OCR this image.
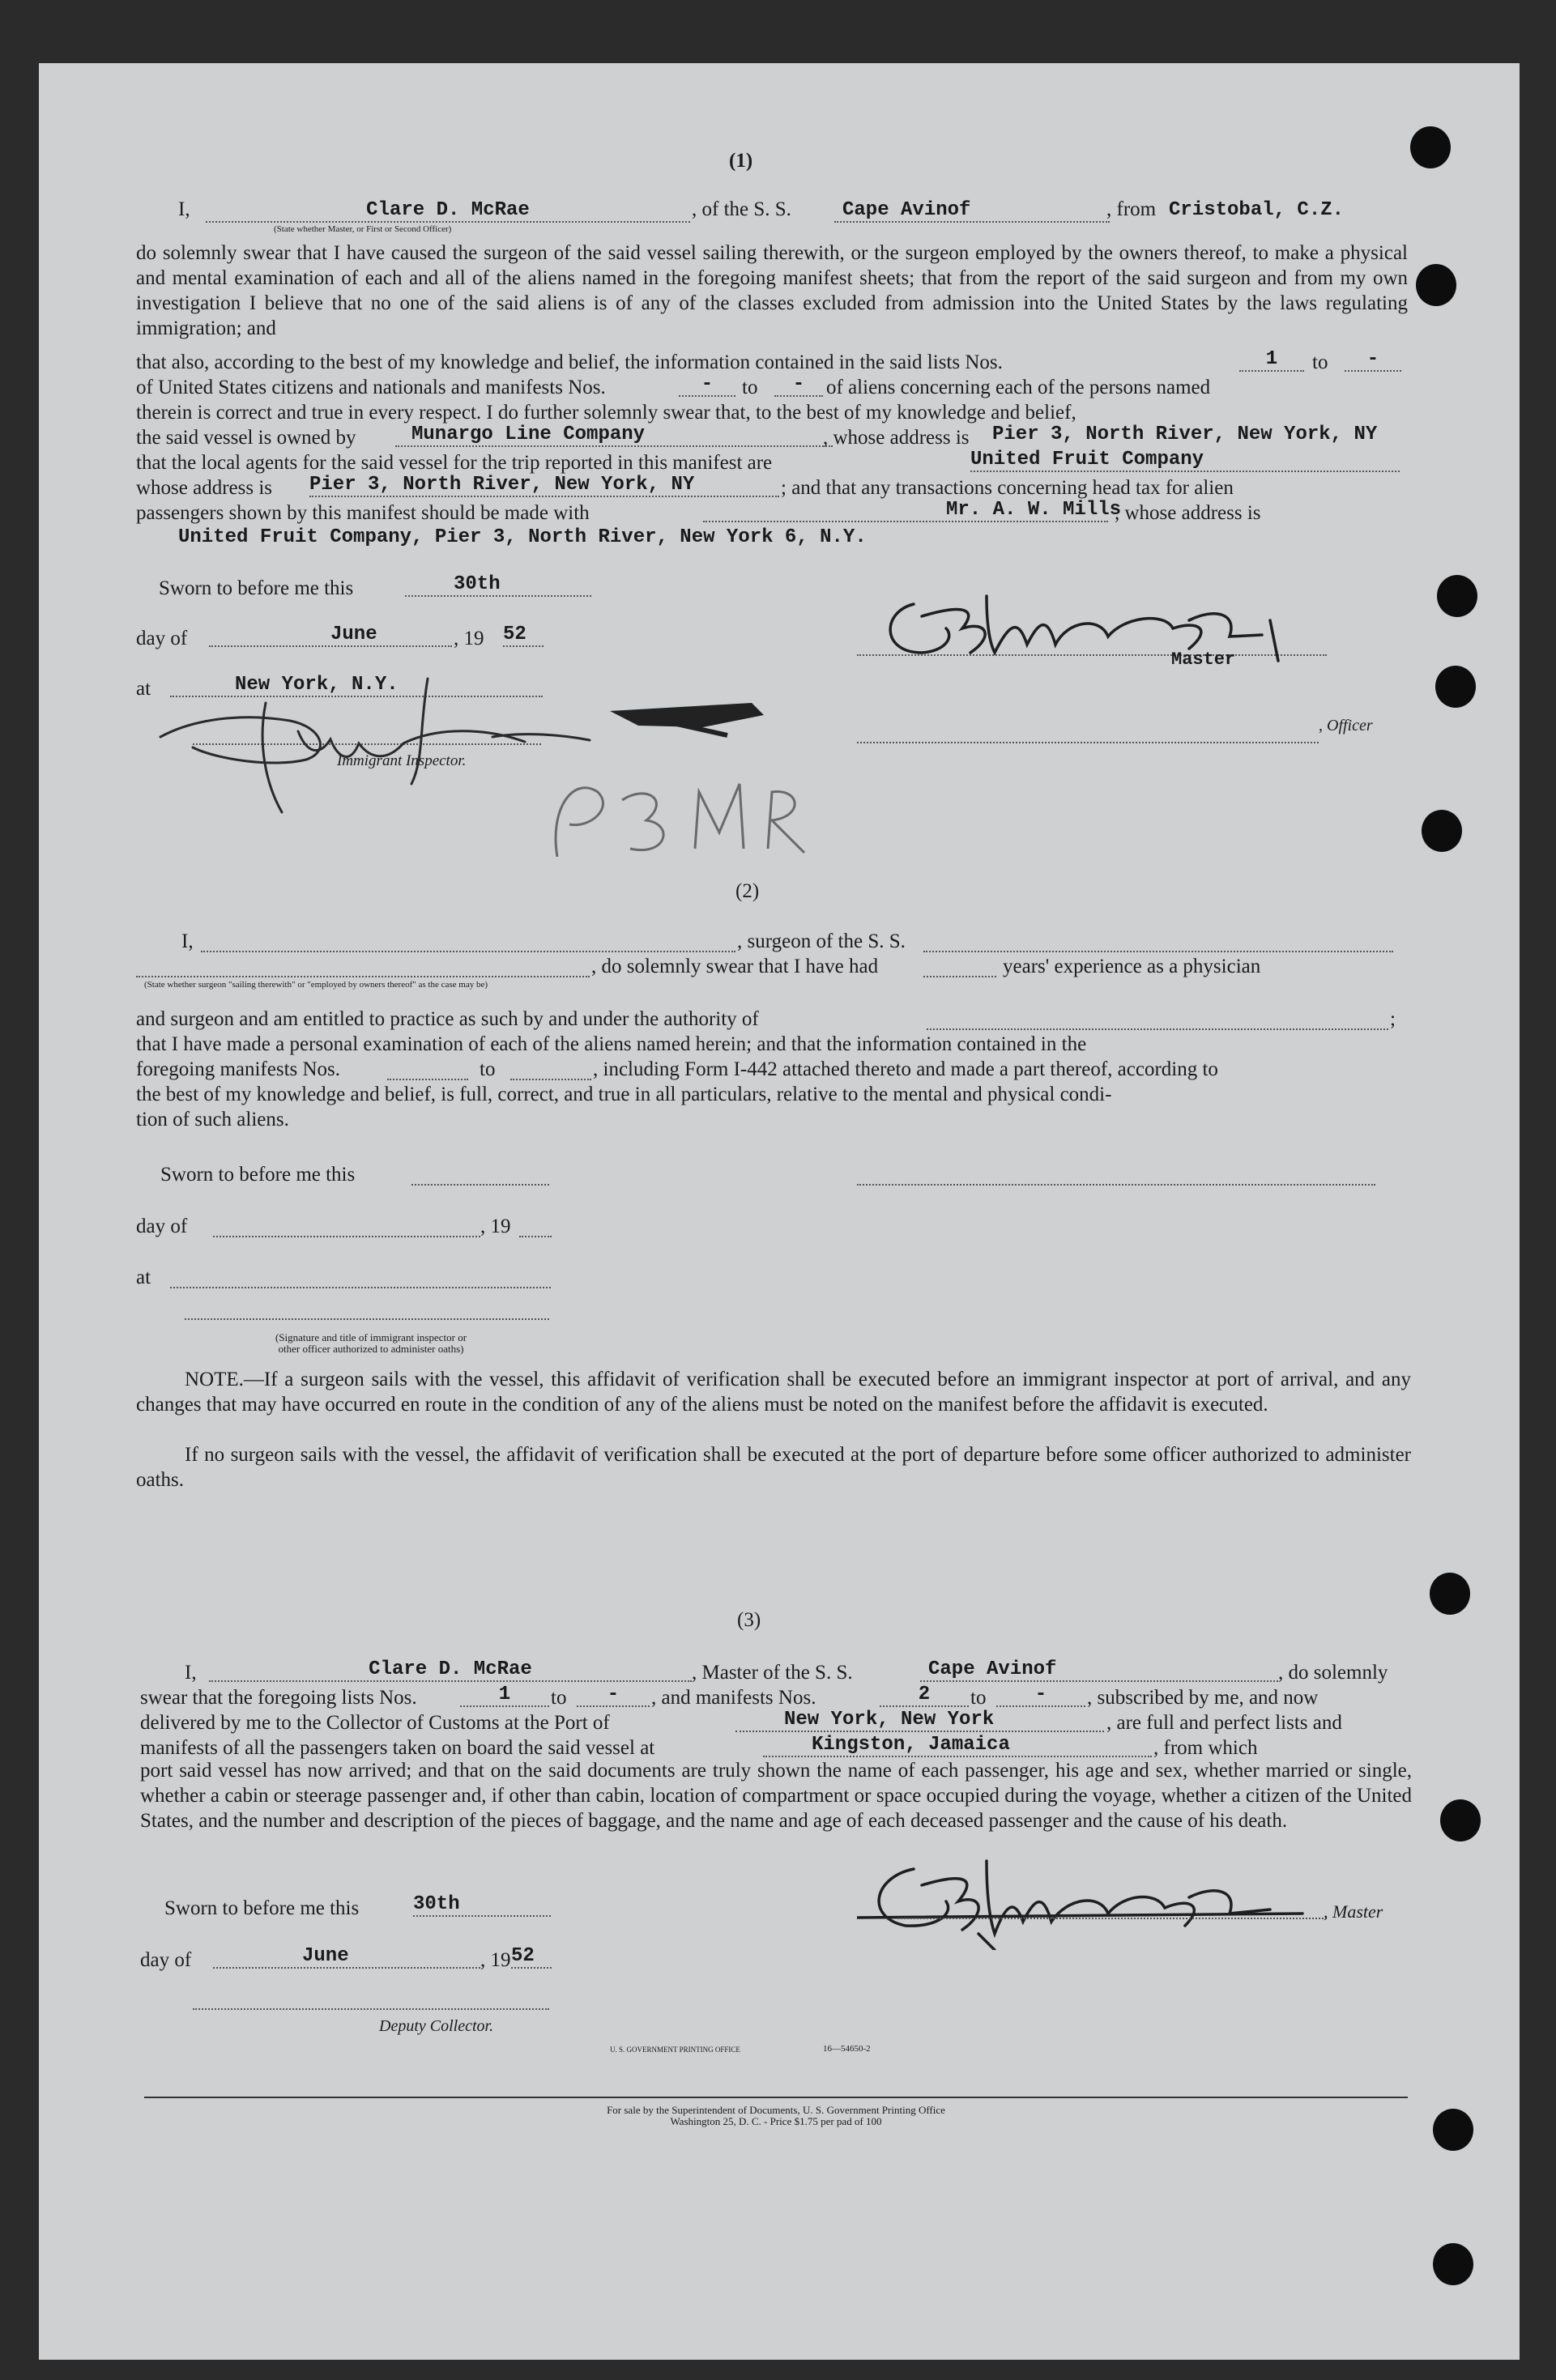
(1)
I,	Clare D. McRae	, of the S. S.	Cape Avinof	, from Cristobal, C.Z.
(State whether Master, or First or Second Officer)
do solemnly swear that I have caused the surgeon of the said vessel sailing therewith, or the surgeon employed by the owners thereof, to make a physical and mental examination of each and all of the aliens named in the foregoing manifest sheets; that from the report of the said surgeon and from my own investigation I believe that no one of the said aliens is of any of the classes excluded from admission into the United States by the laws regulating immigration; and
that also, according to the best of my knowledge and belief, the information contained in the said lists Nos.	1	to	-
of United States citizens and nationals and manifests Nos.	-	to	-	of aliens concerning each of the persons named
therein is correct and true in every respect. I do further solemnly swear that, to the best of my knowledge and belief,
the said vessel is owned by	Munargo Line Company	, whose address is Pier 3, North River, New York, NY
that the local agents for the said vessel for the trip reported in this manifest are	United Fruit Company
whose address is Pier 3, North River, New York, NY	; and that any transactions concerning head tax for alien
passengers shown by this manifest should be made with	Mr. A. W. Mills
, whose address is
United Fruit Company, Pier 3, North River, New York 6, N.Y.
Sworn to before me this	30th
day of	June	, 19 52
at	New York, N.Y.
Immigrant Inspector.
Master
, Officer
(2)
I,	, surgeon of the S. S.
, do solemnly swear that I have had	years' experience as a physician
(State whether surgeon "sailing therewith" or "employed by owners thereof" as the case may be)
and surgeon and am entitled to practice as such by and under the authority of	;
that I have made a personal examination of each of the aliens named herein; and that the information contained in the
foregoing manifests Nos.	to	, including Form I-442 attached thereto and made a part thereof, according to
the best of my knowledge and belief, is full, correct, and true in all particulars, relative to the mental and physical condi-
tion of such aliens.
Sworn to before me this
day of	, 19
at
(Signature and title of immigrant inspector or
other officer authorized to administer oaths)
NOTE.—If a surgeon sails with the vessel, this affidavit of verification shall be executed before an immigrant inspector at port of arrival, and any changes that may have occurred en route in the condition of any of the aliens must be noted on the manifest before the affidavit is executed.
If no surgeon sails with the vessel, the affidavit of verification shall be executed at the port of departure before some officer authorized to administer oaths.
(3)
I,	Clare D. McRae	, Master of the S. S.	Cape Avinof	, do solemnly
swear that the foregoing lists Nos.	1	to	-	, and manifests Nos.	2	to	-	, subscribed by me, and now
delivered by me to the Collector of Customs at the Port of	New York, New York	, are full and perfect lists and
manifests of all the passengers taken on board the said vessel at	Kingston, Jamaica	, from which
port said vessel has now arrived; and that on the said documents are truly shown the name of each passenger, his age and sex, whether married or single, whether a cabin or steerage passenger and, if other than cabin, location of compartment or space occupied during the voyage, whether a citizen of the United States, and the number and description of the pieces of baggage, and the name and age of each deceased passenger and the cause of his death.
Sworn to before me this	30th
day of	June	, 19 52
Deputy Collector.
, Master
U. S. GOVERNMENT PRINTING OFFICE	16—54650-2
For sale by the Superintendent of Documents, U. S. Government Printing Office
Washington 25, D. C. - Price $1.75 per pad of 100
